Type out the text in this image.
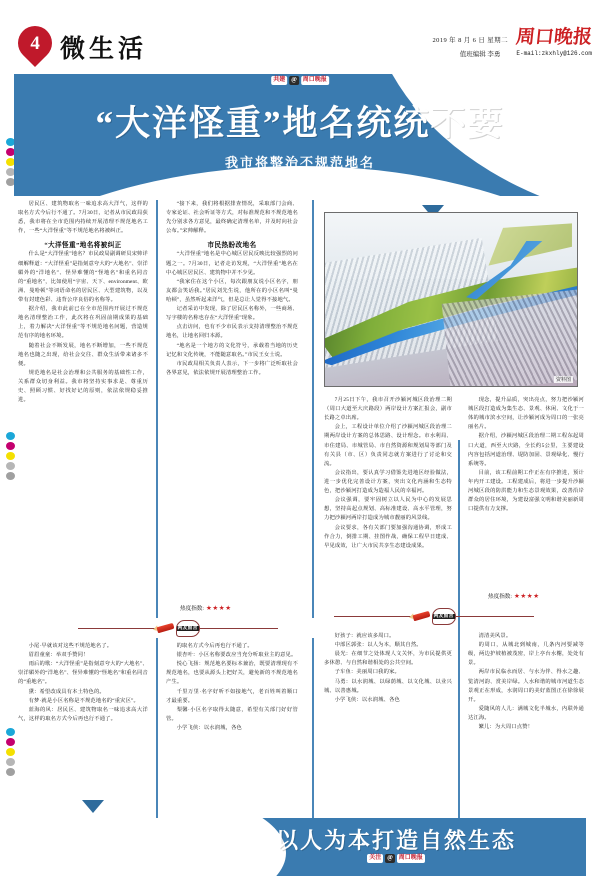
4 微生活	2019 年 8 月 6 日 星期二 周口晚报
值班编辑 李勇	E-mail:zkxhly@126.com
共建	@	周口晚报
“大洋怪重”地名统统不要
我市将整治不规范地名

居民区、建筑物取名一味追求高大洋气，这样的取名方式今后行不通了。7月30日，记者从市民政局获悉，我市将在全市范围内持续开展清理不规范地名工作，一些“大洋怪重”等不规范地名将被纠正。

“大洋怪重”地名将被纠正

什么是“大洋怪重”地名？市民政局副调研员宋帅详细解释道：“大洋怪重”是指刻意夸大的“大地名”、崇洋媚外的“洋地名”、怪异难懂的“怪地名”和重名同音的“重地名”，比如使用“宇宙、天下、environment、欧洲、曼哈顿”等词语命名的居民区、大型建筑物，以及带有封建色彩、违背公序良俗的名称等。

据介绍，我市此前已在全市范围内开展过不规范地名清理整治工作，此次将在巩固前期成果的基础上，着力解决“大洋怪重”等不规范地名问题，营造规范有序的地名环境。

随着社会不断发展，地名不断增加，一些不规范地名也随之出现，给社会交往、群众生活带来诸多不便。

规范地名是社会治理和公共服务的基础性工作，关系群众切身利益。我市将坚持实事求是、尊重历史、照顾习惯、好找好记的原则，依法依规稳妥推进。

“接下来，我们将根据排查情况，采取部门会商、专家论证、社会听证等方式，对标准规范和不规范地名先分别求各方意见，最终确定清理名单，并及时向社会公布。”宋帅解释。

市民热盼改地名

“大洋怪重”地名是中心城区居民反映比较强烈的问题之一。7月30日，记者走访发现，“大洋怪重”地名在中心城区居民区、建筑物中并不少见。

“我家住在这个小区，每次跟朋友说小区名字，朋友都会笑话我。”居民刘先生说，他所在的小区名叫“曼哈顿”，虽然听起来洋气，但是总让人觉得不接地气。

记者采访中发现，除了居民区名称外，一些商场、写字楼的名称也存在“大洋怪重”现象。

点击访问，也有不少市民表示支持清理整治不规范地名，让地名回归本源。

“地名是一个地方的文化符号，承载着当地的历史记忆和文化传统，不能随意取名。”市民王女士说。

市民政局相关负责人表示，下一步将广泛听取社会各界意见，依法依规开展清理整治工作。

资料图

7月25日下午，我市召开沙颍河城区段治理二期（周口大道至大庆路段）两岸设计方案汇报会，副市长路之卓出席。

会上，工程设计单位介绍了沙颍河城区段治理二期两岸设计方案的总体思路、设计理念。市水利局、市住建局、市城管局、市自然资源和规划局等部门及有关县（市、区）负责同志就方案进行了讨论和交流。

会议指出，要认真学习借鉴先进地区经验做法，进一步优化完善设计方案，突出文化内涵和生态特色，把沙颍河打造成为造福人民的幸福河。

会议强调，要牢固树立以人民为中心的发展思想，坚持高起点规划、高标准建设、高水平管理，努力把沙颍河两岸打造成为城市靓丽的风景线。

会议要求，各有关部门要加强沟通协调，形成工作合力，倒排工期、挂图作战，确保工程早日建成、早见成效，让广大市民共享生态建设成果。

现念，提升品质，突出亮点，努力把沙颍河城区段打造成为集生态、景观、休闲、文化于一体的城市滨水空间，让沙颍河成为周口的一张亮丽名片。

据介绍，沙颍河城区段治理二期工程东起周口大道，西至大庆路，全长约5公里，主要建设内容包括河道治理、堤防加固、景观绿化、慢行系统等。

目前，该工程前期工作正在有序推进，预计年内开工建设。工程建成后，将进一步提升沙颍河城区段的防洪能力和生态景观效果，改善沿岸群众的居住环境，为建设富强文明和谐美丽新周口提供有力支撑。

热度指数: ★★★★
网友留言
热度指数: ★★★★
网友留言

小尾·早就该对这些不规范地名了。

眉眉童童：举双手赞同！

雨后的歌：“大洋怪重”是指刻意夸大的“大地名”、崇洋媚外的“洋地名”、怪异难懂的“怪地名”和重名同音的“重地名”。

黛：希望改成具有本土特色的。

有梦·就是小区名称是不规范地名的“重灾区”。

蓝海的风：居民区、建筑物取名一味追求高大洋气，这样的取名方式今后再也行不通了。

的取名方式今后再也行不通了。

银杏叶：小区名称要改应当充分听取业主的意见。

悦心飞扬：规范地名要标本兼治，既要清理现有不规范地名，也要从源头上把好关，避免新的不规范地名产生。

千里万里·名字好听不如接地气，老百姓叫着顺口才最重要。

梨馨·小区名字取得太随意，希望有关部门好好管管。

小学飞侠：以水润城，各色

好孩子：就应该多周口。

中部区郭张：以人为本，顺其自然。

晨光：在细节之处体现人文关怀，为市民提供更多休憩、与自然和谐相处的公共空间。

子车鱼：美丽周口我的家。

马勇：以水润城、以绿荫城、以文化城、以业兴城、以善惠城。

小学飞侠：以水润城、各色

清清美风景。

的周口，从城北到城南，几条内河要减等级，两边护坡植被茂密，岸上亭台水榭，处处有景。

两岸市民临水而居、与水为伴、得水之趣、览清河韵、赏美岸绿。人水和谐的城市河道生态景观正在形成，水润周口的美好蓝图正在徐徐展开。

爱随风的人儿：满城文化半城水，内联外通达江海。

繁儿：为大周口点赞！

以人为本打造自然生态
关注	@	周口晚报
